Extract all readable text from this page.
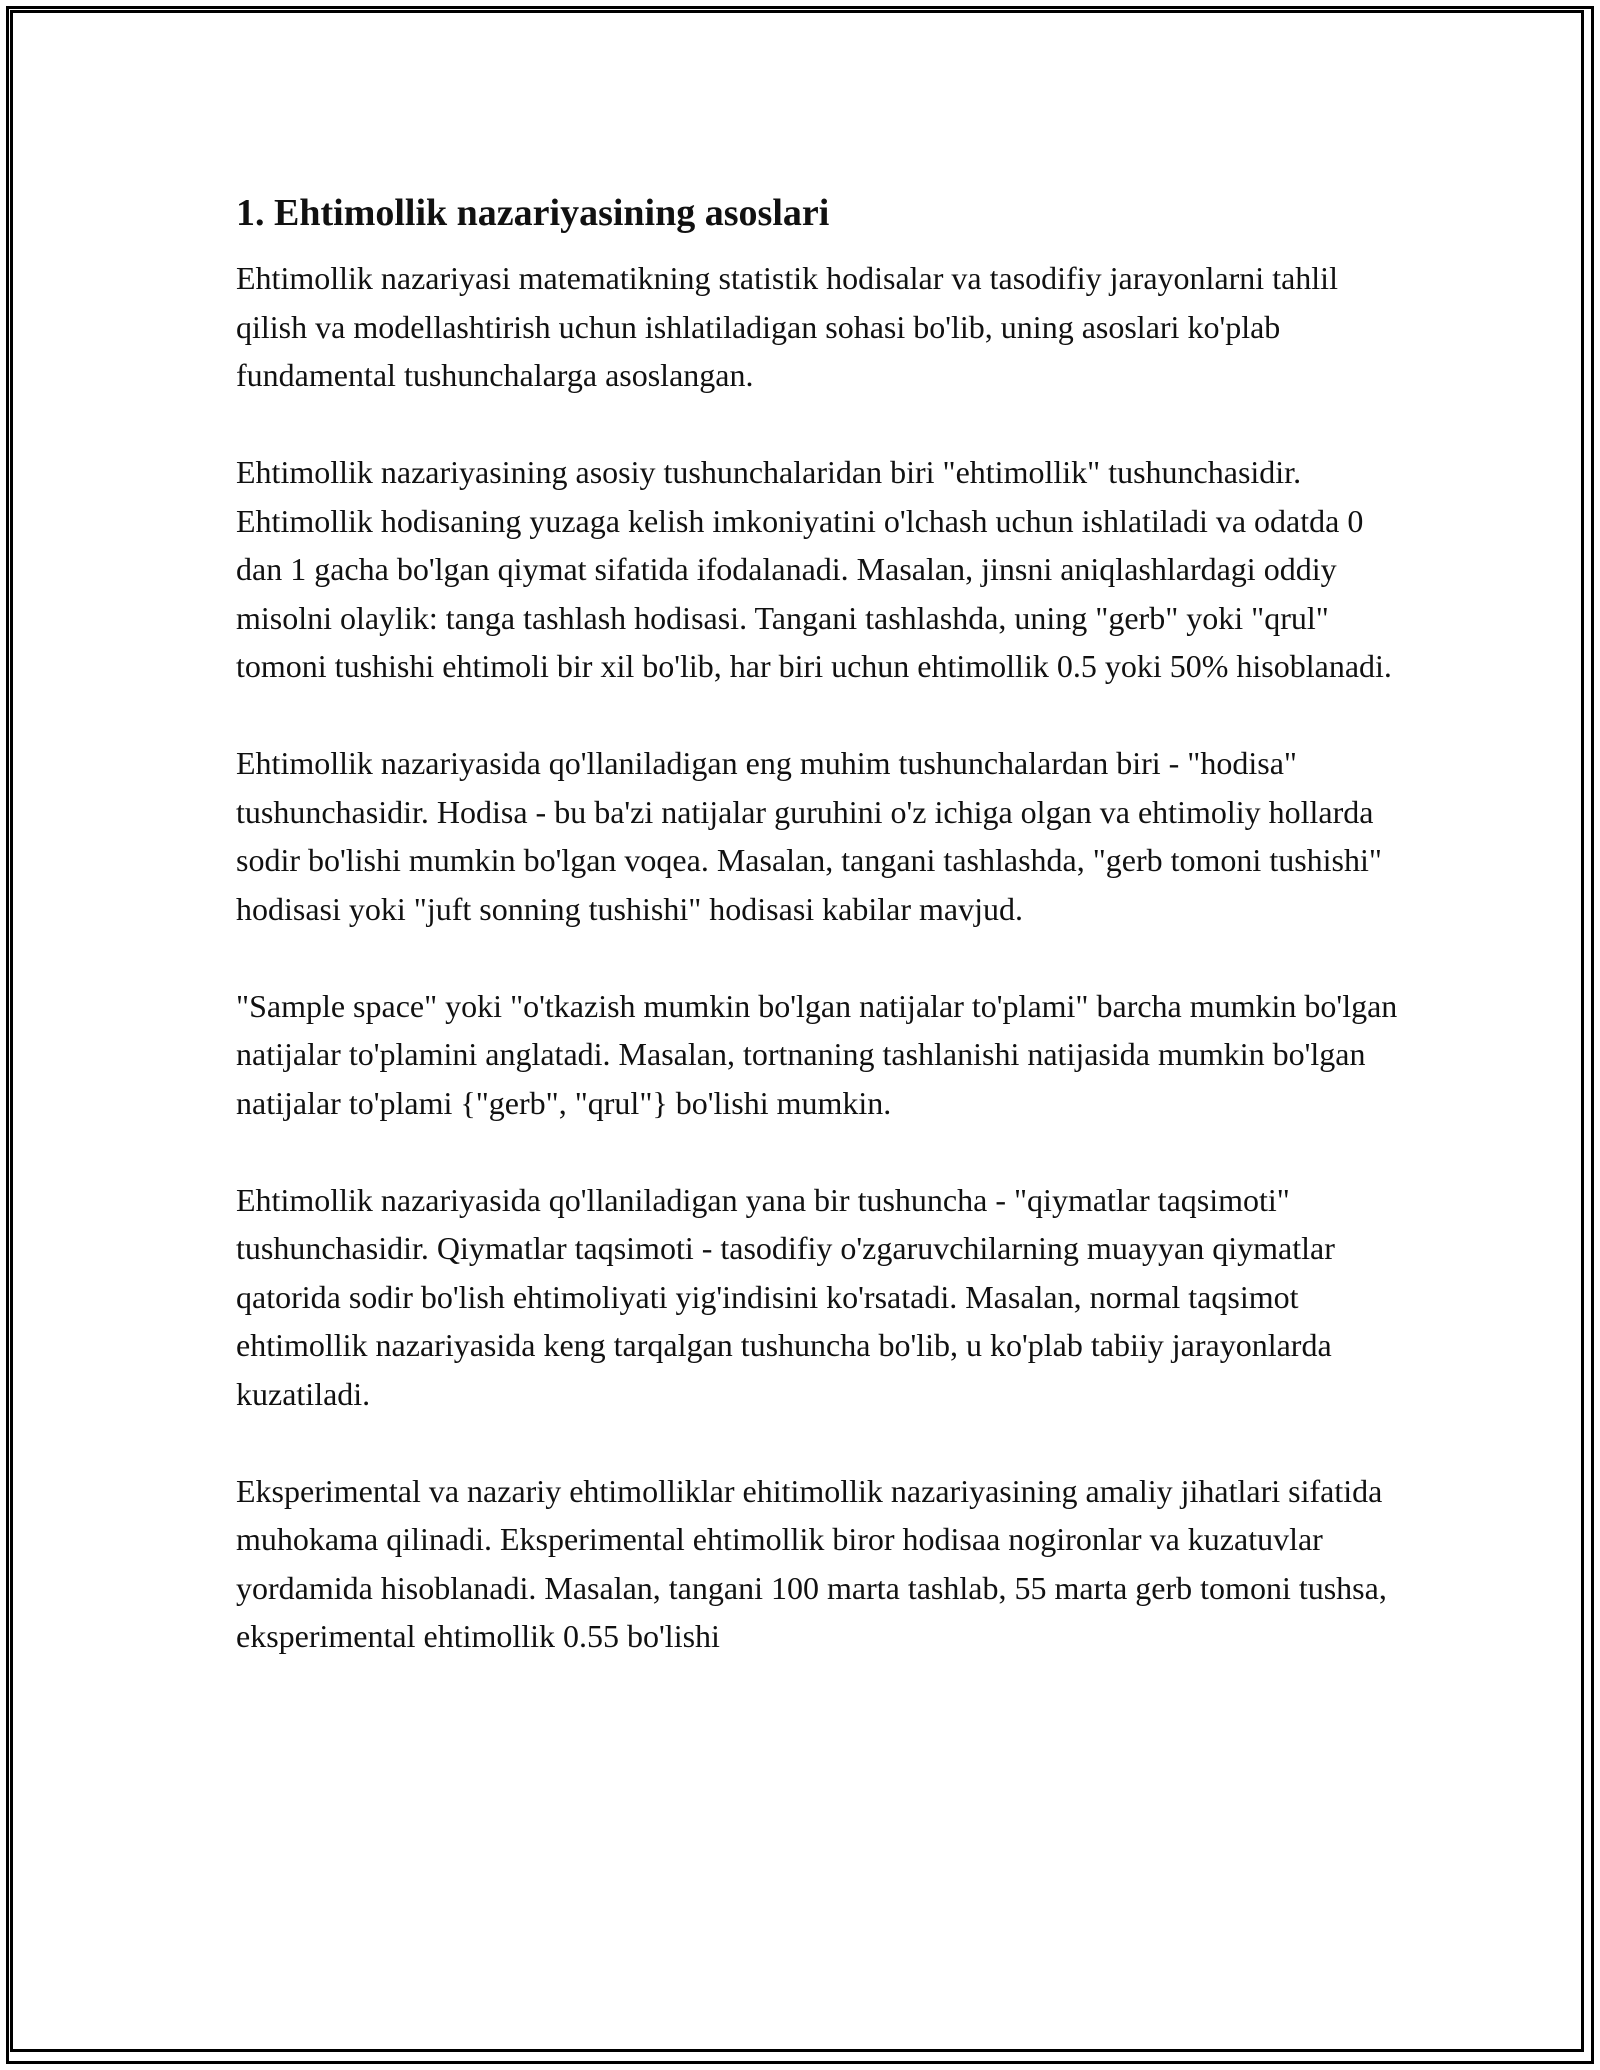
1. Ehtimollik nazariyasining asoslari

Ehtimollik nazariyasi matematikning statistik hodisalar va tasodifiy jarayonlarni tahlil qilish va modellashtirish uchun ishlatiladigan sohasi bo'lib, uning asoslari ko'plab fundamental tushunchalarga asoslangan.

Ehtimollik nazariyasining asosiy tushunchalaridan biri "ehtimollik" tushunchasidir. Ehtimollik hodisaning yuzaga kelish imkoniyatini o'lchash uchun ishlatiladi va odatda 0 dan 1 gacha bo'lgan qiymat sifatida ifodalanadi. Masalan, jinsni aniqlashlardagi oddiy misolni olaylik: tanga tashlash hodisasi. Tangani tashlashda, uning "gerb" yoki "qrul" tomoni tushishi ehtimoli bir xil bo'lib, har biri uchun ehtimollik 0.5 yoki 50% hisoblanadi.

Ehtimollik nazariyasida qo'llaniladigan eng muhim tushunchalardan biri - "hodisa" tushunchasidir. Hodisa - bu ba'zi natijalar guruhini o'z ichiga olgan va ehtimoliy hollarda sodir bo'lishi mumkin bo'lgan voqea. Masalan, tangani tashlashda, "gerb tomoni tushishi" hodisasi yoki "juft sonning tushishi" hodisasi kabilar mavjud.

"Sample space" yoki "o'tkazish mumkin bo'lgan natijalar to'plami" barcha mumkin bo'lgan natijalar to'plamini anglatadi. Masalan, tortnaning tashlanishi natijasida mumkin bo'lgan natijalar to'plami {"gerb", "qrul"} bo'lishi mumkin.

Ehtimollik nazariyasida qo'llaniladigan yana bir tushuncha - "qiymatlar taqsimoti" tushunchasidir. Qiymatlar taqsimoti - tasodifiy o'zgaruvchilarning muayyan qiymatlar qatorida sodir bo'lish ehtimoliyati yig'indisini ko'rsatadi. Masalan, normal taqsimot ehtimollik nazariyasida keng tarqalgan tushuncha bo'lib, u ko'plab tabiiy jarayonlarda kuzatiladi.

Eksperimental va nazariy ehtimolliklar ehitimollik nazariyasining amaliy jihatlari sifatida muhokama qilinadi. Eksperimental ehtimollik biror hodisaa nogironlar va kuzatuvlar yordamida hisoblanadi. Masalan, tangani 100 marta tashlab, 55 marta gerb tomoni tushsa, eksperimental ehtimollik 0.55 bo'lishi
